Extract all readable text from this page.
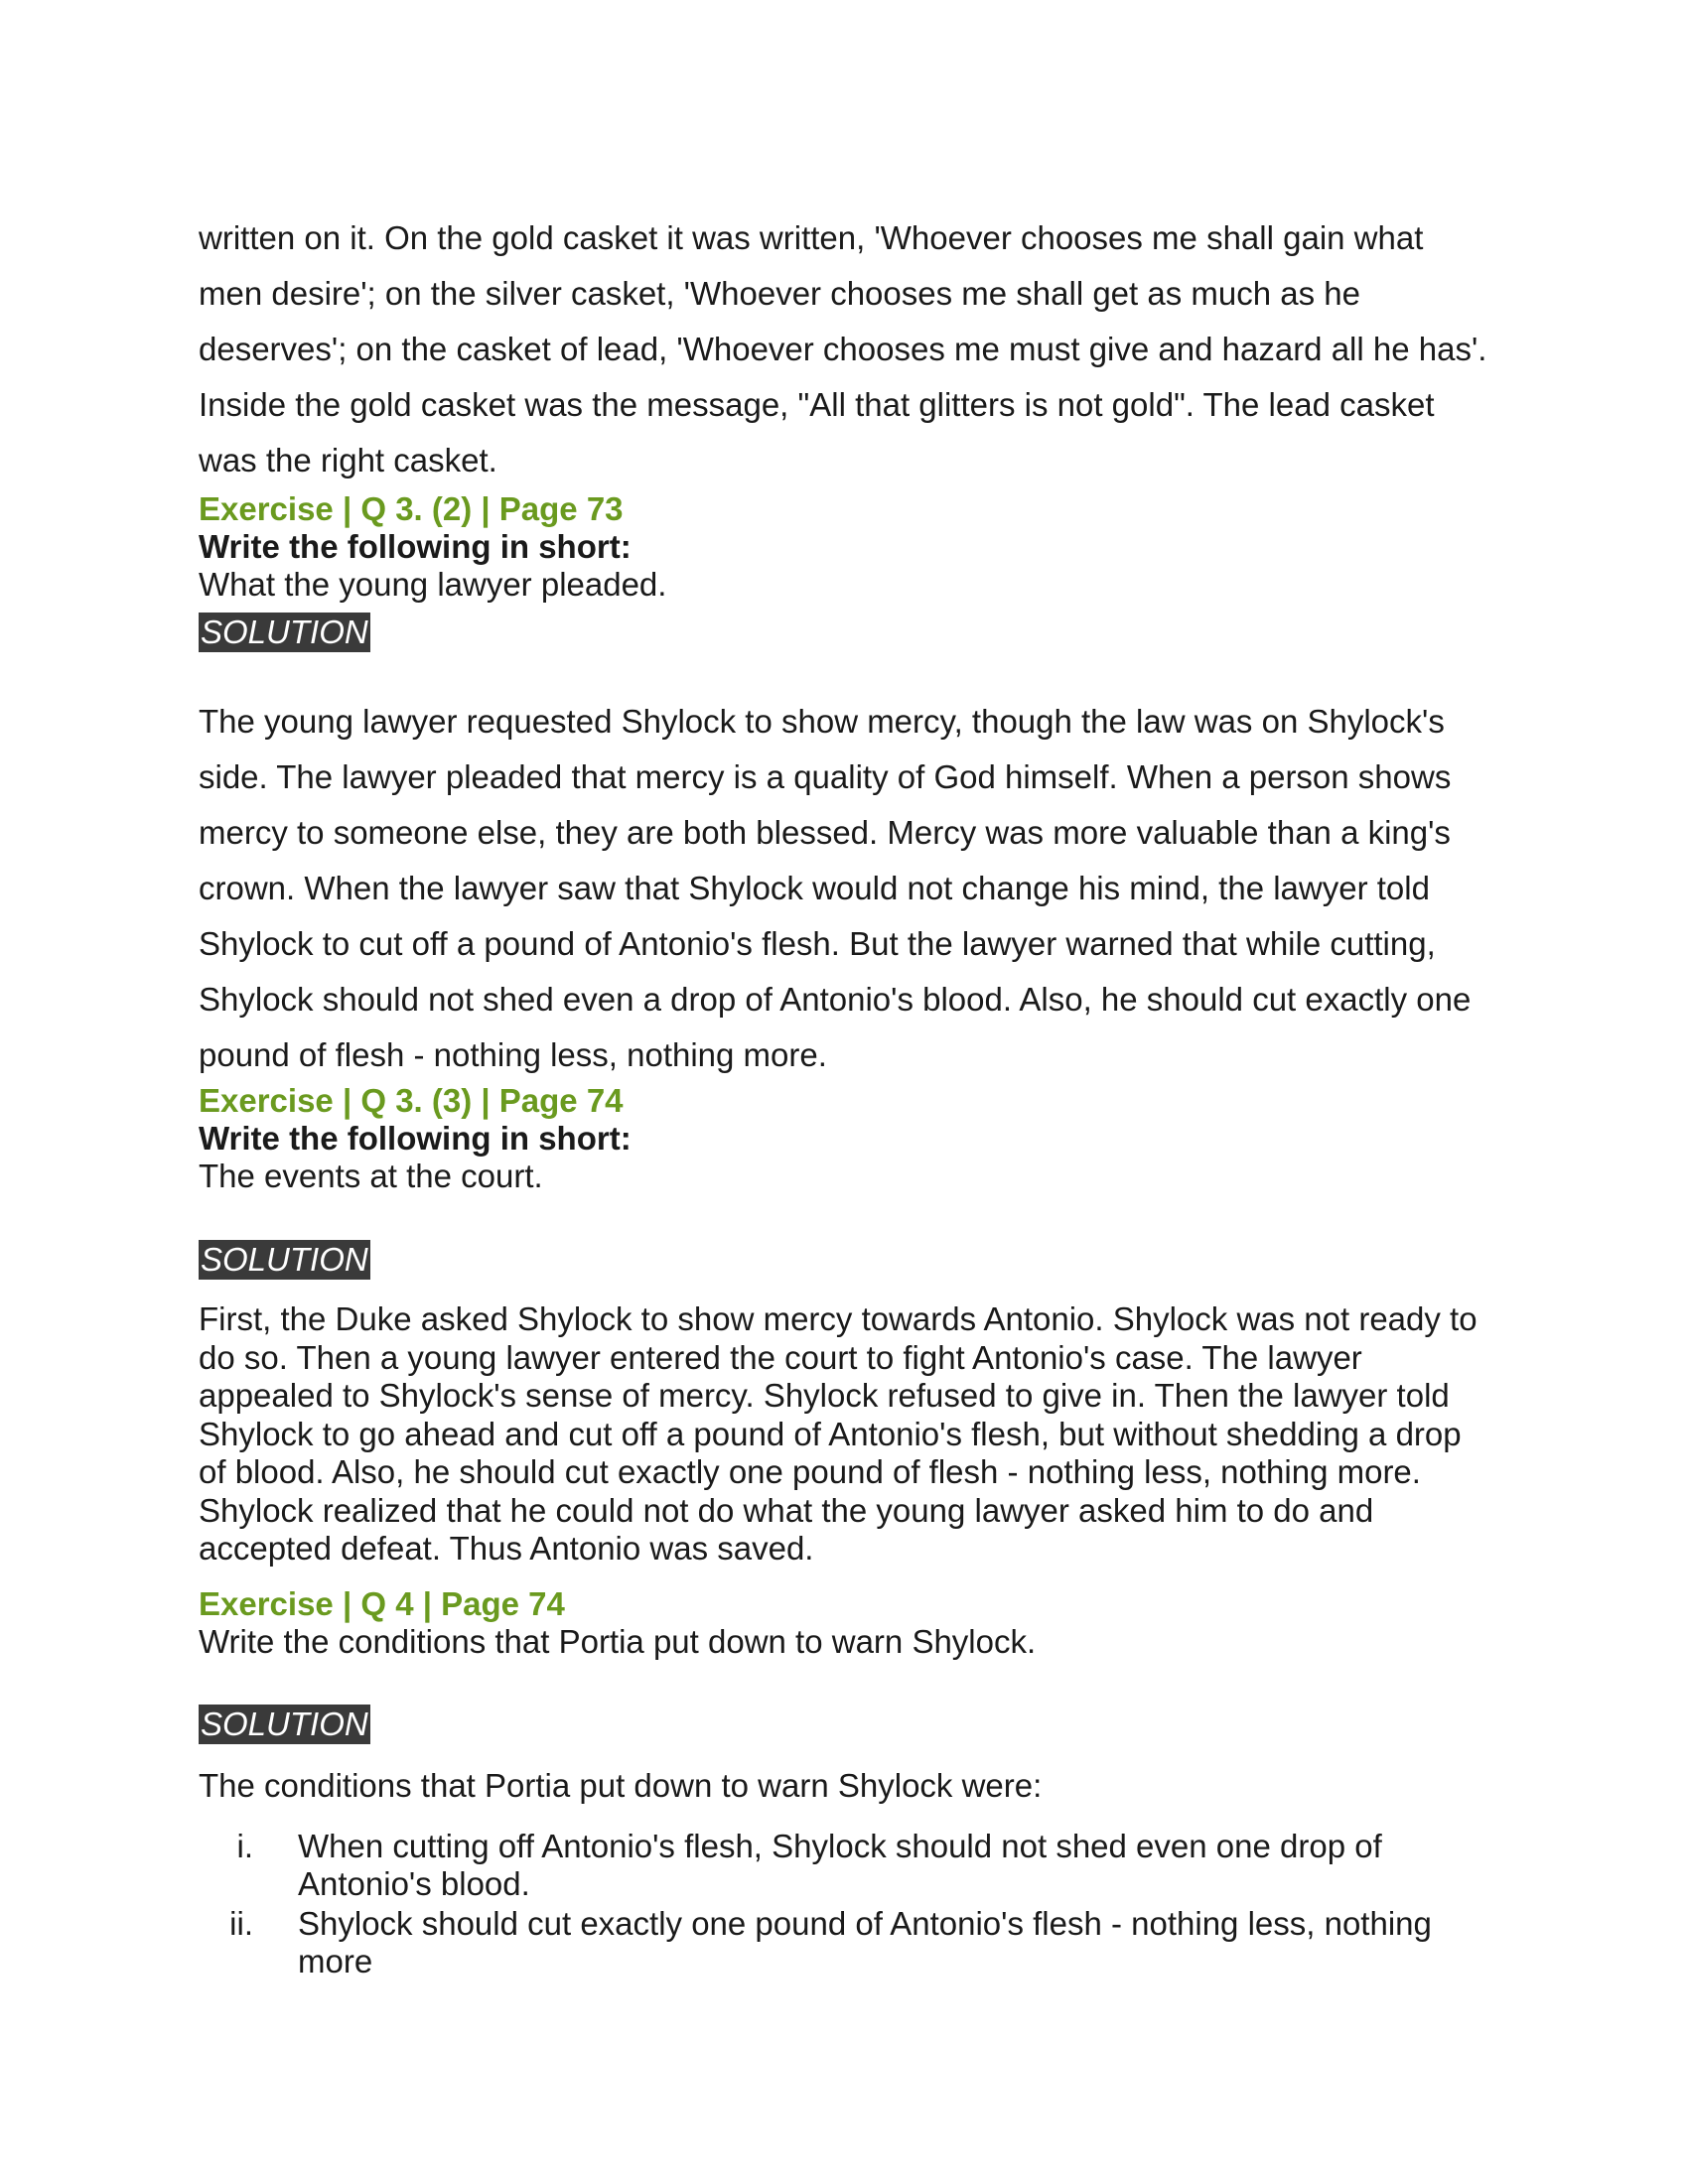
written on it. On the gold casket it was written, 'Whoever chooses me shall gain what men desire'; on the silver casket, 'Whoever chooses me shall get as much as he deserves'; on the casket of lead, 'Whoever chooses me must give and hazard all he has'. Inside the gold casket was the message, "All that glitters is not gold". The lead casket was the right casket.

Exercise | Q 3. (2) | Page 73

Write the following in short:

What the young lawyer pleaded.

SOLUTION

The young lawyer requested Shylock to show mercy, though the law was on Shylock's side. The lawyer pleaded that mercy is a quality of God himself. When a person shows mercy to someone else, they are both blessed. Mercy was more valuable than a king's crown. When the lawyer saw that Shylock would not change his mind, the lawyer told Shylock to cut off a pound of Antonio's flesh. But the lawyer warned that while cutting, Shylock should not shed even a drop of Antonio's blood. Also, he should cut exactly one pound of flesh - nothing less, nothing more.

Exercise | Q 3. (3) | Page 74

Write the following in short:

The events at the court.

SOLUTION

First, the Duke asked Shylock to show mercy towards Antonio. Shylock was not ready to do so. Then a young lawyer entered the court to fight Antonio's case. The lawyer appealed to Shylock's sense of mercy. Shylock refused to give in. Then the lawyer told Shylock to go ahead and cut off a pound of Antonio's flesh, but without shedding a drop of blood. Also, he should cut exactly one pound of flesh - nothing less, nothing more. Shylock realized that he could not do what the young lawyer asked him to do and accepted defeat. Thus Antonio was saved.

Exercise | Q 4 | Page 74

Write the conditions that Portia put down to warn Shylock.

SOLUTION

The conditions that Portia put down to warn Shylock were:

i. When cutting off Antonio's flesh, Shylock should not shed even one drop of Antonio's blood.
ii. Shylock should cut exactly one pound of Antonio's flesh - nothing less, nothing more
